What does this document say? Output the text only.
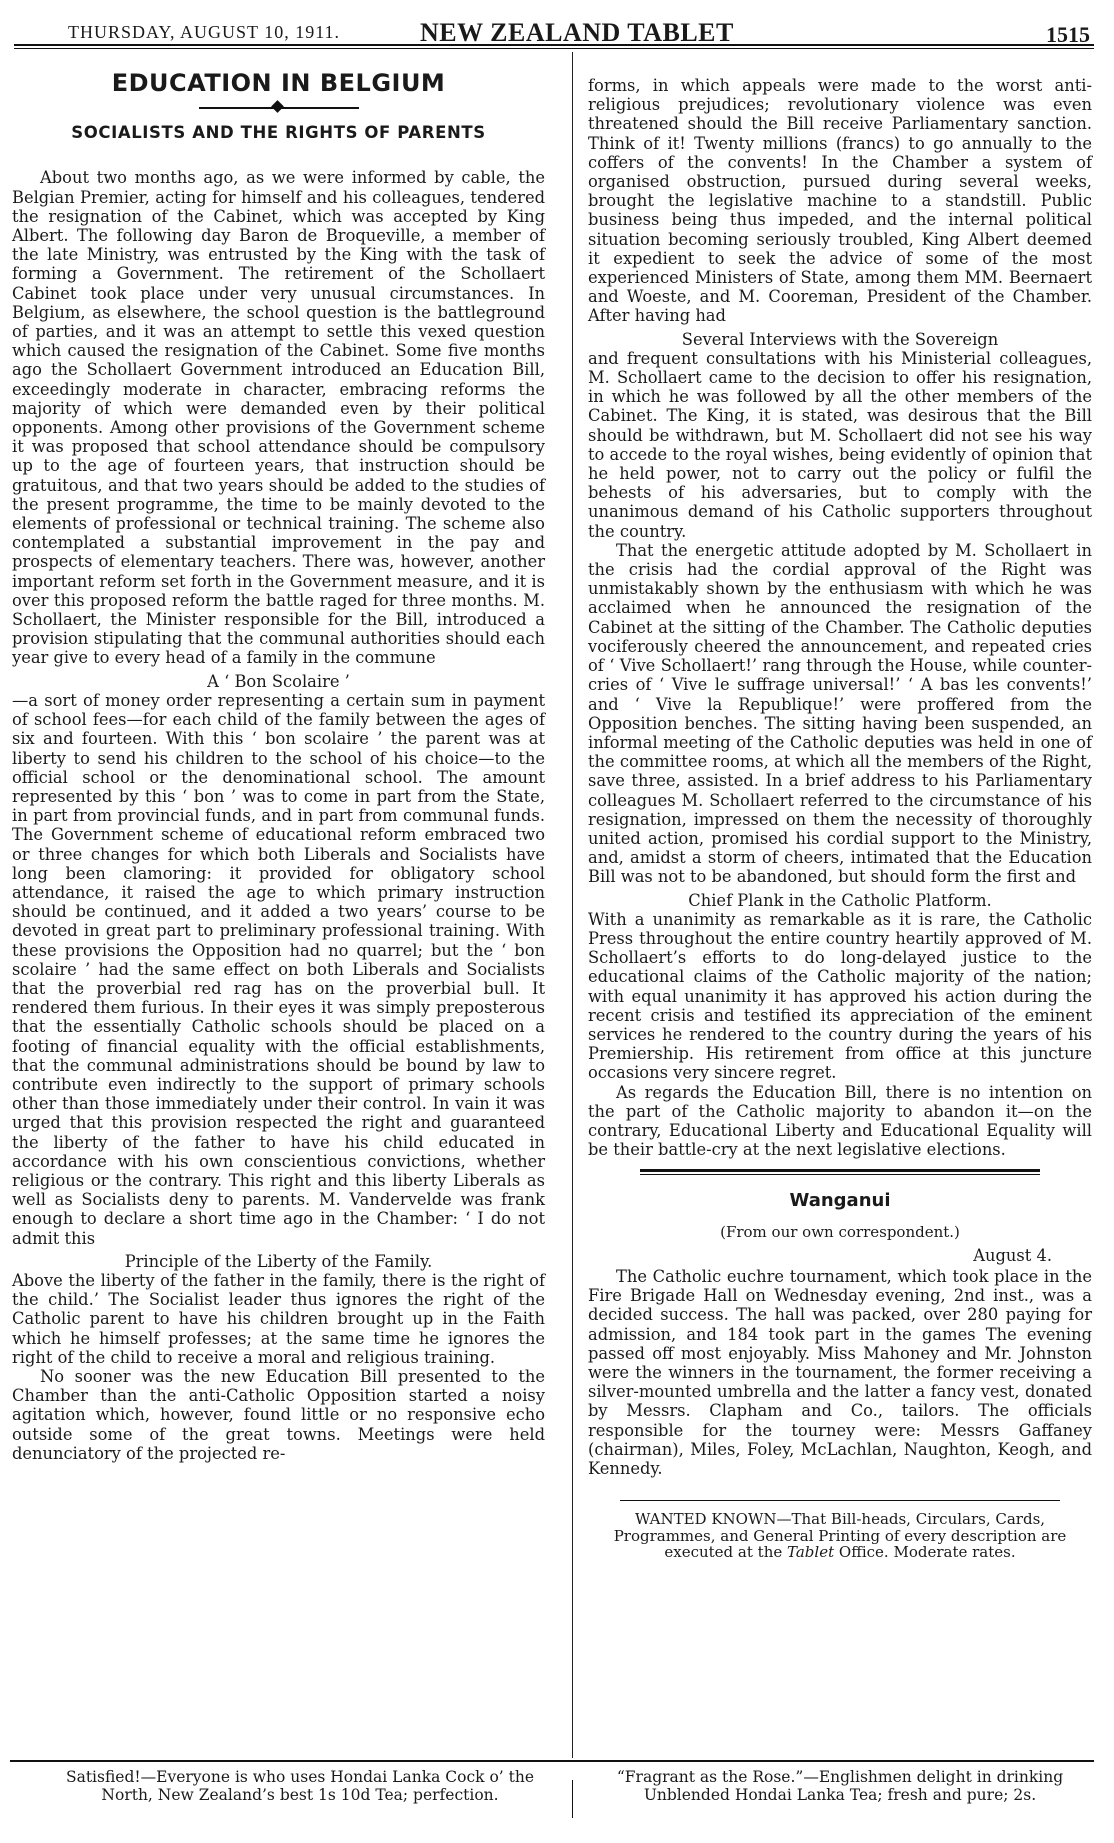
THURSDAY, AUGUST 10, 1911.	NEW ZEALAND TABLET	1515
EDUCATION IN BELGIUM
SOCIALISTS AND THE RIGHTS OF PARENTS

About two months ago, as we were informed by cable, the Belgian Premier, acting for himself and his colleagues, tendered the resignation of the Cabinet, which was accepted by King Albert. The following day Baron de Broqueville, a member of the late Ministry, was entrusted by the King with the task of forming a Government. The retirement of the Schollaert Cabinet took place under very unusual circumstances. In Belgium, as elsewhere, the school question is the battleground of parties, and it was an attempt to settle this vexed question which caused the resignation of the Cabinet. Some five months ago the Schollaert Government introduced an Education Bill, exceedingly moderate in character, embracing reforms the majority of which were demanded even by their political opponents. Among other provisions of the Government scheme it was proposed that school attendance should be compulsory up to the age of fourteen years, that instruction should be gratuitous, and that two years should be added to the studies of the present programme, the time to be mainly devoted to the elements of professional or technical training. The scheme also contemplated a substantial improvement in the pay and prospects of elementary teachers. There was, however, another important reform set forth in the Government measure, and it is over this proposed reform the battle raged for three months. M. Schollaert, the Minister responsible for the Bill, introduced a provision stipulating that the communal authorities should each year give to every head of a family in the commune

A ‘ Bon Scolaire ’

—a sort of money order representing a certain sum in payment of school fees—for each child of the family between the ages of six and fourteen. With this ‘ bon scolaire ’ the parent was at liberty to send his children to the school of his choice—to the official school or the denominational school. The amount represented by this ‘ bon ’ was to come in part from the State, in part from provincial funds, and in part from communal funds. The Government scheme of educational reform embraced two or three changes for which both Liberals and Socialists have long been clamoring: it provided for obligatory school attendance, it raised the age to which primary instruction should be continued, and it added a two years’ course to be devoted in great part to preliminary professional training. With these provisions the Opposition had no quarrel; but the ‘ bon scolaire ’ had the same effect on both Liberals and Socialists that the proverbial red rag has on the proverbial bull. It rendered them furious. In their eyes it was simply preposterous that the essentially Catholic schools should be placed on a footing of financial equality with the official establishments, that the communal administrations should be bound by law to contribute even indirectly to the support of primary schools other than those immediately under their control. In vain it was urged that this provision respected the right and guaranteed the liberty of the father to have his child educated in accordance with his own conscientious convictions, whether religious or the contrary. This right and this liberty Liberals as well as Socialists deny to parents. M. Vandervelde was frank enough to declare a short time ago in the Chamber: ‘ I do not admit this

Principle of the Liberty of the Family.

Above the liberty of the father in the family, there is the right of the child.’ The Socialist leader thus ignores the right of the Catholic parent to have his children brought up in the Faith which he himself professes; at the same time he ignores the right of the child to receive a moral and religious training.

No sooner was the new Education Bill presented to the Chamber than the anti-Catholic Opposition started a noisy agitation which, however, found little or no responsive echo outside some of the great towns. Meetings were held denunciatory of the projected re-

forms, in which appeals were made to the worst anti-religious prejudices; revolutionary violence was even threatened should the Bill receive Parliamentary sanction. Think of it! Twenty millions (francs) to go annually to the coffers of the convents! In the Chamber a system of organised obstruction, pursued during several weeks, brought the legislative machine to a standstill. Public business being thus impeded, and the internal political situation becoming seriously troubled, King Albert deemed it expedient to seek the advice of some of the most experienced Ministers of State, among them MM. Beernaert and Woeste, and M. Cooreman, President of the Chamber. After having had

Several Interviews with the Sovereign

and frequent consultations with his Ministerial colleagues, M. Schollaert came to the decision to offer his resignation, in which he was followed by all the other members of the Cabinet. The King, it is stated, was desirous that the Bill should be withdrawn, but M. Schollaert did not see his way to accede to the royal wishes, being evidently of opinion that he held power, not to carry out the policy or fulfil the behests of his adversaries, but to comply with the unanimous demand of his Catholic supporters throughout the country.

That the energetic attitude adopted by M. Schollaert in the crisis had the cordial approval of the Right was unmistakably shown by the enthusiasm with which he was acclaimed when he announced the resignation of the Cabinet at the sitting of the Chamber. The Catholic deputies vociferously cheered the announcement, and repeated cries of ‘ Vive Schollaert!’ rang through the House, while counter-cries of ‘ Vive le suffrage universal!’ ‘ A bas les convents!’ and ‘ Vive la Republique!’ were proffered from the Opposition benches. The sitting having been suspended, an informal meeting of the Catholic deputies was held in one of the committee rooms, at which all the members of the Right, save three, assisted. In a brief address to his Parliamentary colleagues M. Schollaert referred to the circumstance of his resignation, impressed on them the necessity of thoroughly united action, promised his cordial support to the Ministry, and, amidst a storm of cheers, intimated that the Education Bill was not to be abandoned, but should form the first and

Chief Plank in the Catholic Platform.

With a unanimity as remarkable as it is rare, the Catholic Press throughout the entire country heartily approved of M. Schollaert’s efforts to do long-delayed justice to the educational claims of the Catholic majority of the nation; with equal unanimity it has approved his action during the recent crisis and testified its appreciation of the eminent services he rendered to the country during the years of his Premiership. His retirement from office at this juncture occasions very sincere regret.

As regards the Education Bill, there is no intention on the part of the Catholic majority to abandon it—on the contrary, Educational Liberty and Educational Equality will be their battle-cry at the next legislative elections.

Wanganui
(From our own correspondent.)
August 4.

The Catholic euchre tournament, which took place in the Fire Brigade Hall on Wednesday evening, 2nd inst., was a decided success. The hall was packed, over 280 paying for admission, and 184 took part in the games The evening passed off most enjoyably. Miss Mahoney and Mr. Johnston were the winners in the tournament, the former receiving a silver-mounted umbrella and the latter a fancy vest, donated by Messrs. Clapham and Co., tailors. The officials responsible for the tourney were: Messrs Gaffaney (chairman), Miles, Foley, McLachlan, Naughton, Keogh, and Kennedy.

WANTED KNOWN—That Bill-heads, Circulars, Cards, Programmes, and General Printing of every description are executed at the Tablet Office. Moderate rates.
Satisfied!—Everyone is who uses Hondai Lanka Cock o’ the North, New Zealand’s best 1s 10d Tea; perfection.
“Fragrant as the Rose.”—Englishmen delight in drinking Unblended Hondai Lanka Tea; fresh and pure; 2s.
